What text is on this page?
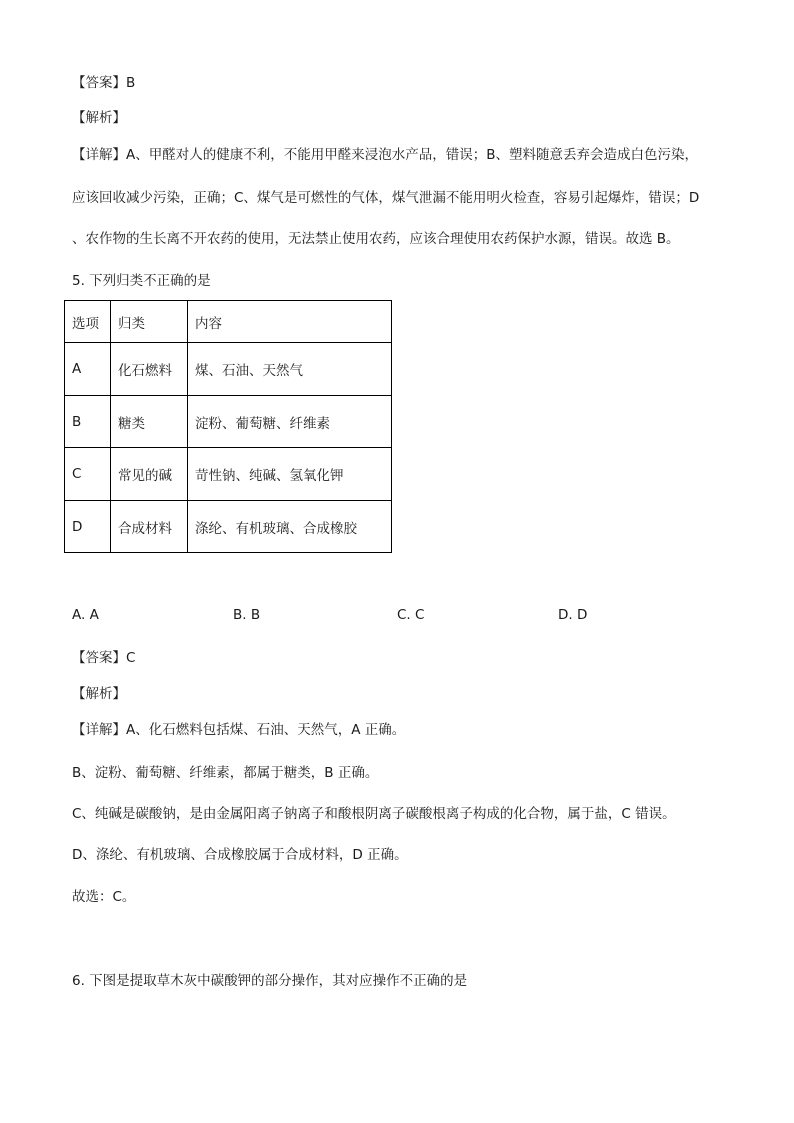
【答案】B
【解析】
【详解】A、甲醛对人的健康不利，不能用甲醛来浸泡水产品，错误；B、塑料随意丢弃会造成白色污染，
应该回收减少污染，正确；C、煤气是可燃性的气体，煤气泄漏不能用明火检查，容易引起爆炸，错误；D
、农作物的生长离不开农药的使用，无法禁止使用农药，应该合理使用农药保护水源，错误。故选 B。
5. 下列归类不正确的是
选项	归类	内容
A	化石燃料	煤、石油、天然气
B	糖类	淀粉、葡萄糖、纤维素
C	常见的碱	苛性钠、纯碱、氢氧化钾
D	合成材料	涤纶、有机玻璃、合成橡胶
A. A	B. B	C. C	D. D
【答案】C
【解析】
【详解】A、化石燃料包括煤、石油、天然气，A 正确。
B、淀粉、葡萄糖、纤维素，都属于糖类，B 正确。
C、纯碱是碳酸钠，是由金属阳离子钠离子和酸根阴离子碳酸根离子构成的化合物，属于盐，C 错误。
D、涤纶、有机玻璃、合成橡胶属于合成材料，D 正确。
故选：C。
6. 下图是提取草木灰中碳酸钾的部分操作，其对应操作不正确的是
